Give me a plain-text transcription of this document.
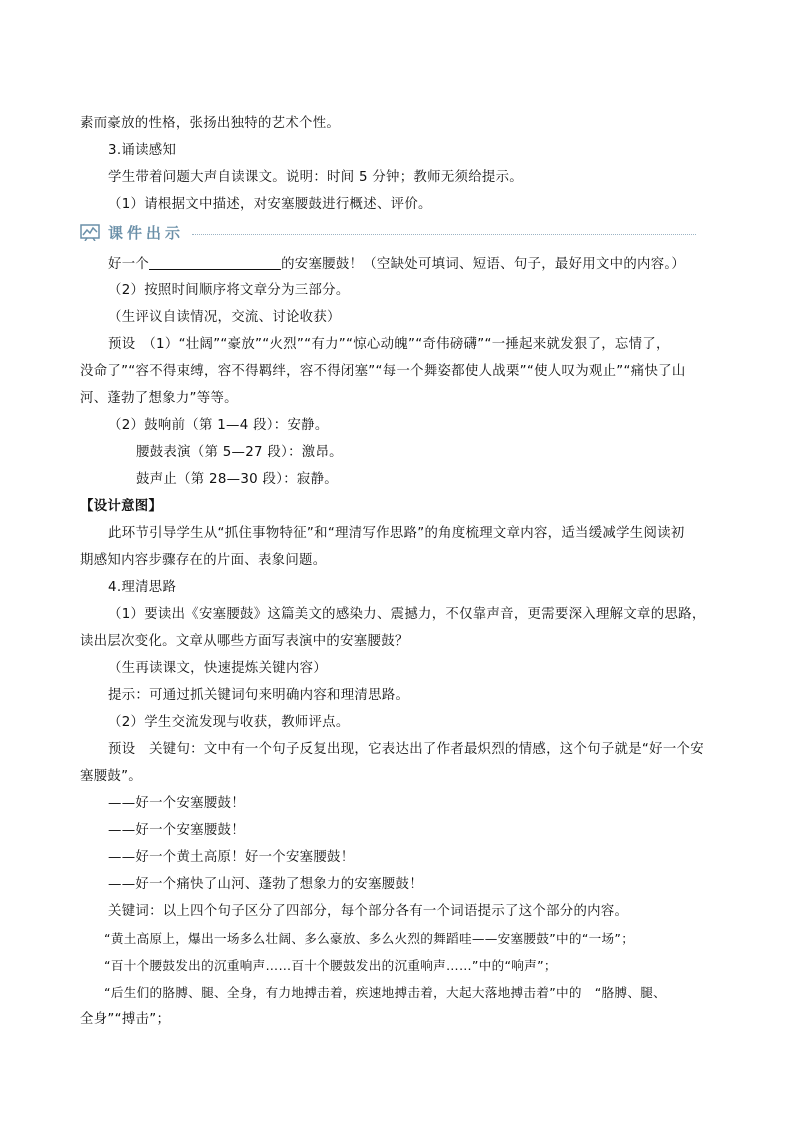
素而豪放的性格，张扬出独特的艺术个性。
3.诵读感知
学生带着问题大声自读课文。说明：时间 5 分钟；教师无须给提示。
（1）请根据文中描述，对安塞腰鼓进行概述、评价。
课件出示
好一个	的安塞腰鼓！（空缺处可填词、短语、句子，最好用文中的内容。）
（2）按照时间顺序将文章分为三部分。
（生评议自读情况，交流、讨论收获）
预设　（1）“壮阔”“豪放”“火烈”“有力”“惊心动魄”“奇伟磅礴”“一捶起来就发狠了，忘情了，
没命了”“容不得束缚，容不得羁绊，容不得闭塞”“每一个舞姿都使人战栗”“使人叹为观止”“痛快了山
河、蓬勃了想象力”等等。
（2）鼓响前（第 1—4 段）：安静。
腰鼓表演（第 5—27 段）：激昂。
鼓声止（第 28—30 段）：寂静。
【设计意图】
此环节引导学生从“抓住事物特征”和“理清写作思路”的角度梳理文章内容，适当缓减学生阅读初
期感知内容步骤存在的片面、表象问题。
4.理清思路
（1）要读出《安塞腰鼓》这篇美文的感染力、震撼力，不仅靠声音，更需要深入理解文章的思路，
读出层次变化。文章从哪些方面写表演中的安塞腰鼓？
（生再读课文，快速提炼关键内容）
提示：可通过抓关键词句来明确内容和理清思路。
（2）学生交流发现与收获，教师评点。
预设　关键句：文中有一个句子反复出现，它表达出了作者最炽烈的情感，这个句子就是“好一个安
塞腰鼓”。
——好一个安塞腰鼓！
——好一个安塞腰鼓！
——好一个黄土高原！好一个安塞腰鼓！
——好一个痛快了山河、蓬勃了想象力的安塞腰鼓！
关键词：以上四个句子区分了四部分，每个部分各有一个词语提示了这个部分的内容。
“黄土高原上，爆出一场多么壮阔、多么豪放、多么火烈的舞蹈哇——安塞腰鼓”中的“一场”；
“百十个腰鼓发出的沉重响声……百十个腰鼓发出的沉重响声……”中的“响声”；
“后生们的胳膊、腿、全身，有力地搏击着，疾速地搏击着，大起大落地搏击着”中的　“胳膊、腿、
全身”“搏击”；
